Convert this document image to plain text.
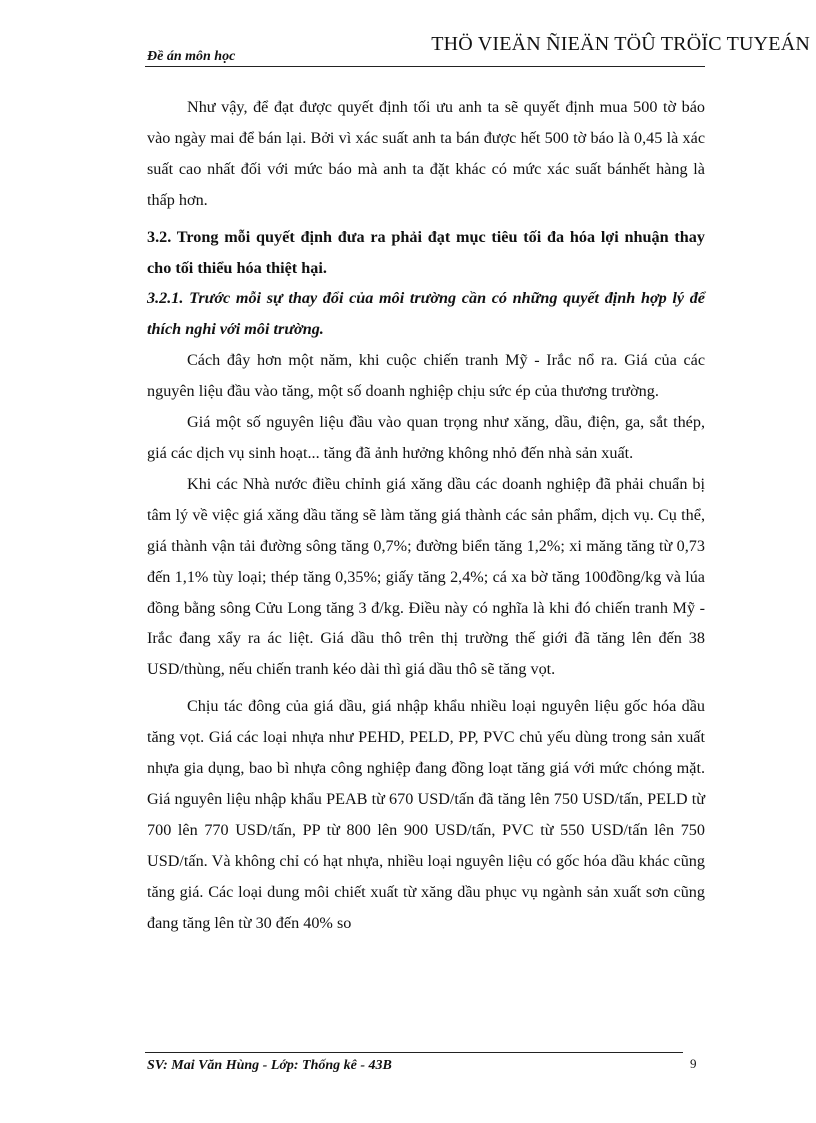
Đề án môn học
THÖ VIEÄN ÑIEÄN TÖÛ TRÖÏC TUYEÁN

Như vậy, để đạt được quyết định tối ưu anh ta sẽ quyết định mua 500 tờ báo vào ngày mai để bán lại. Bởi vì xác suất anh ta bán được hết 500 tờ báo là 0,45 là xác suất cao nhất đối với mức báo mà anh ta đặt khác có mức xác suất bánhết hàng là thấp hơn.

3.2. Trong mỗi quyết định đưa ra phải đạt mục tiêu tối đa hóa lợi nhuận thay cho tối thiểu hóa thiệt hại.

3.2.1. Trước mỗi sự thay đổi của môi trường cần có những quyết định hợp lý để thích nghi với môi trường.

Cách đây hơn một năm, khi cuộc chiến tranh Mỹ - Irắc nổ ra. Giá của các nguyên liệu đầu vào tăng, một số doanh nghiệp chịu sức ép của thương trường.

Giá một số nguyên liệu đầu vào quan trọng như xăng, dầu, điện, ga, sắt thép, giá các dịch vụ sinh hoạt... tăng đã ảnh hưởng không nhỏ đến nhà sản xuất.

Khi các Nhà nước điều chỉnh giá xăng dầu các doanh nghiệp đã phải chuẩn bị tâm lý về việc giá xăng dầu tăng sẽ làm tăng giá thành các sản phẩm, dịch vụ. Cụ thể, giá thành vận tải đường sông tăng 0,7%; đường biển tăng 1,2%; xi măng tăng từ 0,73 đến 1,1% tùy loại; thép tăng 0,35%; giấy tăng 2,4%; cá xa bờ tăng 100đồng/kg và lúa đồng bằng sông Cửu Long tăng 3 đ/kg. Điều này có nghĩa là khi đó chiến tranh Mỹ - Irắc đang xẩy ra ác liệt. Giá dầu thô trên thị trường thế giới đã tăng lên đến 38 USD/thùng, nếu chiến tranh kéo dài thì giá dầu thô sẽ tăng vọt.

Chịu tác đông của giá dầu, giá nhập khẩu nhiều loại nguyên liệu gốc hóa dầu tăng vọt. Giá các loại nhựa như PEHD, PELD, PP, PVC chủ yếu dùng trong sản xuất nhựa gia dụng, bao bì nhựa công nghiệp đang đồng loạt tăng giá với mức chóng mặt. Giá nguyên liệu nhập khẩu PEAB từ 670 USD/tấn đã tăng lên 750 USD/tấn, PELD từ 700 lên 770 USD/tấn, PP từ 800 lên 900 USD/tấn, PVC từ 550 USD/tấn lên 750 USD/tấn. Và không chỉ có hạt nhựa, nhiều loại nguyên liệu có gốc hóa dầu khác cũng tăng giá. Các loại dung môi chiết xuất từ xăng dầu phục vụ ngành sản xuất sơn cũng đang tăng lên từ 30 đến 40% so

SV: Mai Văn Hùng - Lớp: Thống kê - 43B	9
